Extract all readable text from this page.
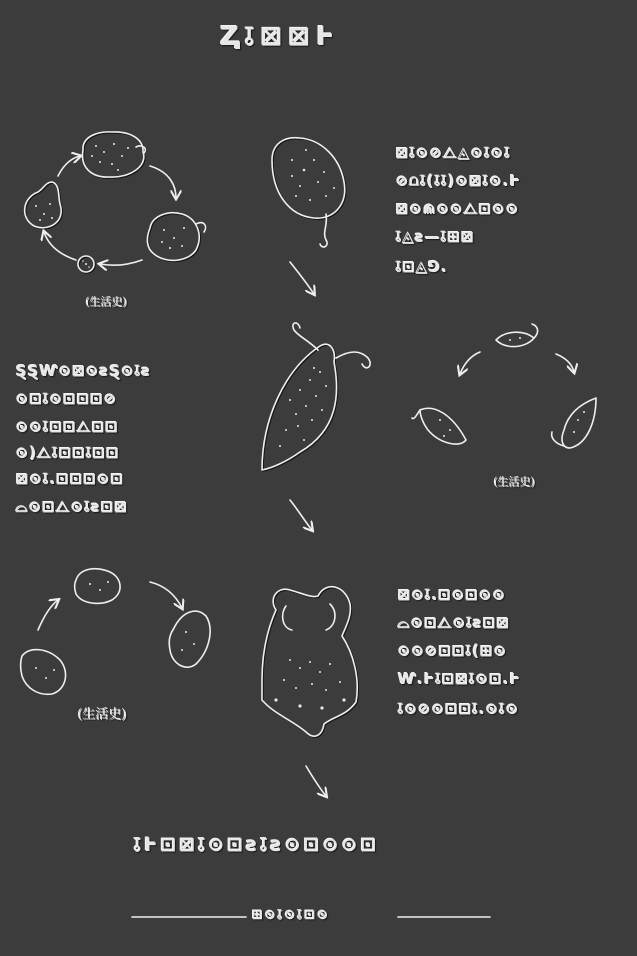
Ⱬ⫱⊠⊠Ⱶ
(生活史)
(生活史)
(生活史)
⊠⫱⊙⊘⧍◬⊙⫱⊙⫱
⊘⩍⫱(⫱⫱)⊙⊠⫱⊙.Ⱶ
⊠⊙⋒⊙⊙⧍⊡⊙⊙
⫱◬ƨ—⫱⊞⊠
⫱⊡◬⅁.
ⱾⱾⱲ⊙⊠⊙ƨⱾ⊙⫱ƨ
⊙⊡⫱⊙⊡⊡⊡⊘
⊙⊙⫱⊡⊡⧍⊡⊡
⊙)⧍⫱⊡⊡⫱⊡⊡
⊠⊙⫱.⊡⊡⊡⊙⊡
⌓⊙⊡⧍⊙⫱ƨ⊡⊠
⊠⊙⫱.⊡⊙⊡⊙⊙
⌓⊙⊡⧍⊙⫱ƨ⊡⊠
⊙⊙⊘⊡⊡⫱(⊞⊙
Ⱳ.Ⱶ⫱⊡⊠⫱⊙⊡.Ⱶ
⫱⊙⊘⊙⊡⊡⫱.⊙⫱⊙
⫱Ⱶ⊡⊠⫱⊙⊡ƨ⫱ƨ⊙⊡⊙⊙⊡
⊞⊙⫱⊙⫱⊡⊙
